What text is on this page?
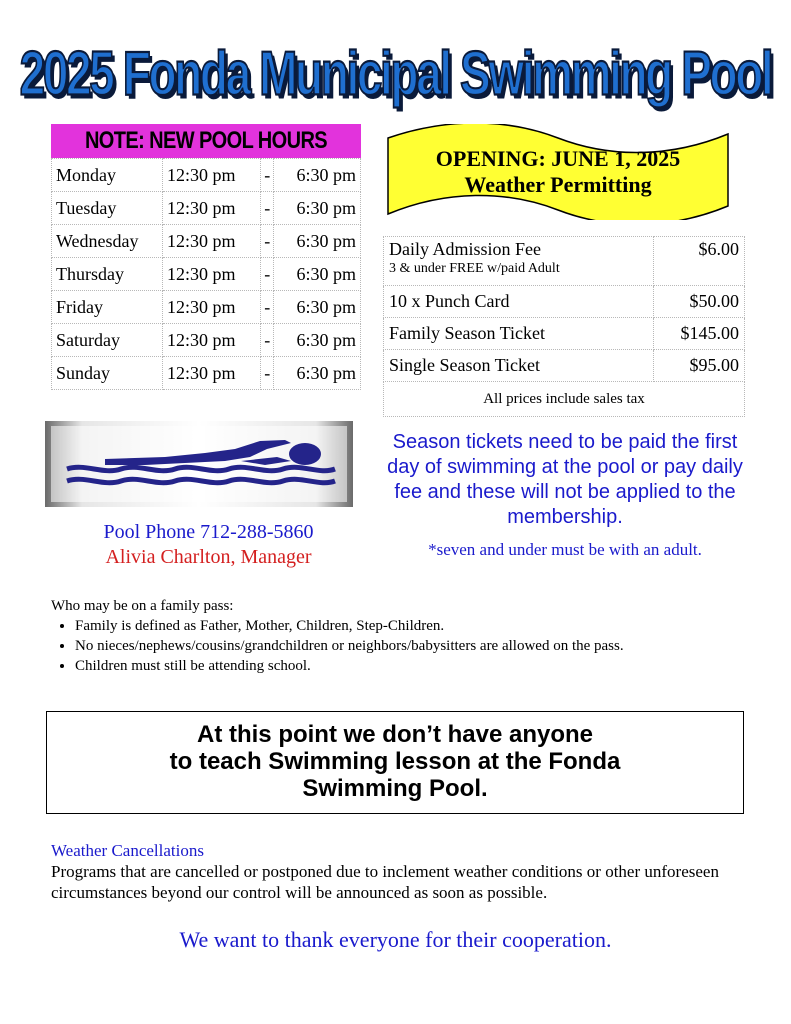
2025 Fonda Municipal Swimming Pool
NOTE: NEW POOL HOURS
Monday	12:30 pm	-	6:30 pm
Tuesday	12:30 pm	-	6:30 pm
Wednesday	12:30 pm	-	6:30 pm
Thursday	12:30 pm	-	6:30 pm
Friday	12:30 pm	-	6:30 pm
Saturday	12:30 pm	-	6:30 pm
Sunday	12:30 pm	-	6:30 pm
OPENING: JUNE 1, 2025
Weather Permitting
Daily Admission Fee
3 & under FREE w/paid Adult	$6.00
10 x Punch Card	$50.00
Family Season Ticket	$145.00
Single Season Ticket	$95.00
All prices include sales tax	
Pool Phone 712-288-5860
Alivia Charlton, Manager
Season tickets need to be paid the first day of swimming at the pool or pay daily fee and these will not be applied to the membership.
*seven and under must be with an adult.
Who may be on a family pass:
• Family is defined as Father, Mother, Children, Step-Children.
• No nieces/nephews/cousins/grandchildren or neighbors/babysitters are allowed on the pass.
• Children must still be attending school.
At this point we don’t have anyone
to teach Swimming lesson at the Fonda
Swimming Pool.
Weather Cancellations
Programs that are cancelled or postponed due to inclement weather conditions or other unforeseen circumstances beyond our control will be announced as soon as possible.
We want to thank everyone for their cooperation.
